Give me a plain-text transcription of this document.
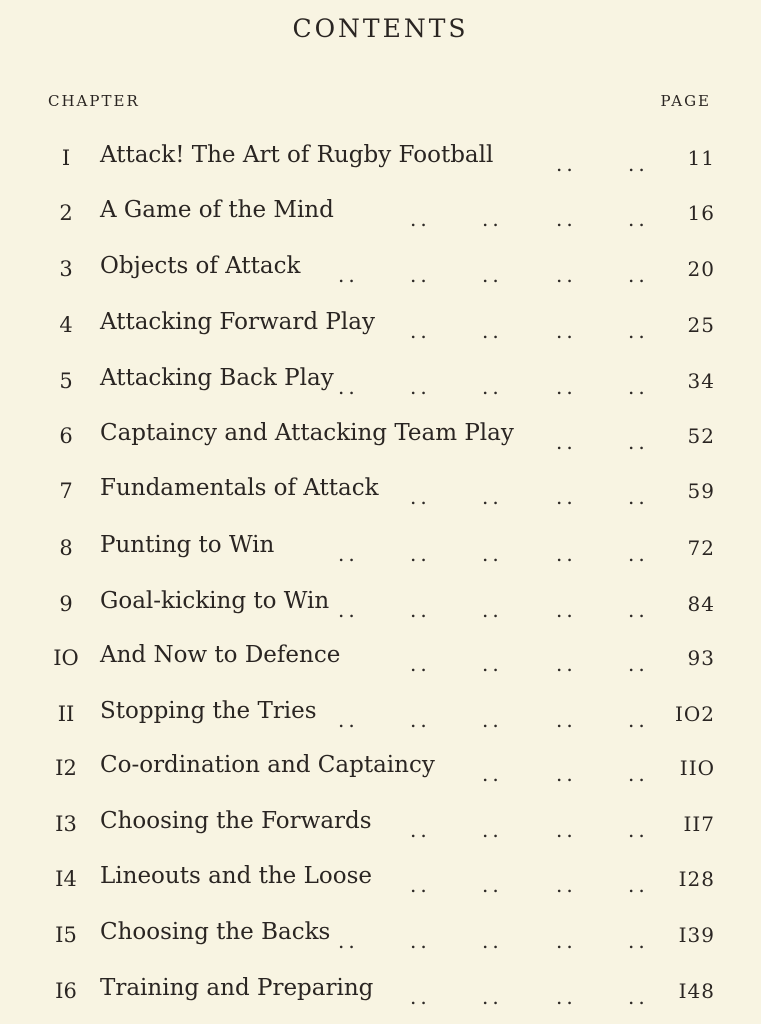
CONTENTS
CHAPTER	PAGE
I	Attack! The Art of Rugby Football	..	.. 11
2	A Game of the Mind	..	..	..	.. 16
3	Objects of Attack ..	..	..	..	.. 20
4	Attacking Forward Play ..	..	..	.. 25
5	Attacking Back Play ..	..	..	..	.. 34
6	Captaincy and Attacking Team Play ..	.. 52
7	Fundamentals of Attack ..	..	..	.. 59
8	Punting to Win	..	..	..	..	.. 72
9	Goal-kicking to Win ..	..	..	..	.. 84
IO And Now to Defence	..	..	..	.. 93
II	Stopping the Tries ..	..	..	..	.. IO2
I2	Co-ordination and Captaincy ..	..	.. IIO
I3	Choosing the Forwards ..	..	..	.. II7
I4	Lineouts and the Loose ..	..	..	.. I28
I5	Choosing the Backs ..	..	..	..	.. I39
I6	Training and Preparing ..	..	..	.. I48
